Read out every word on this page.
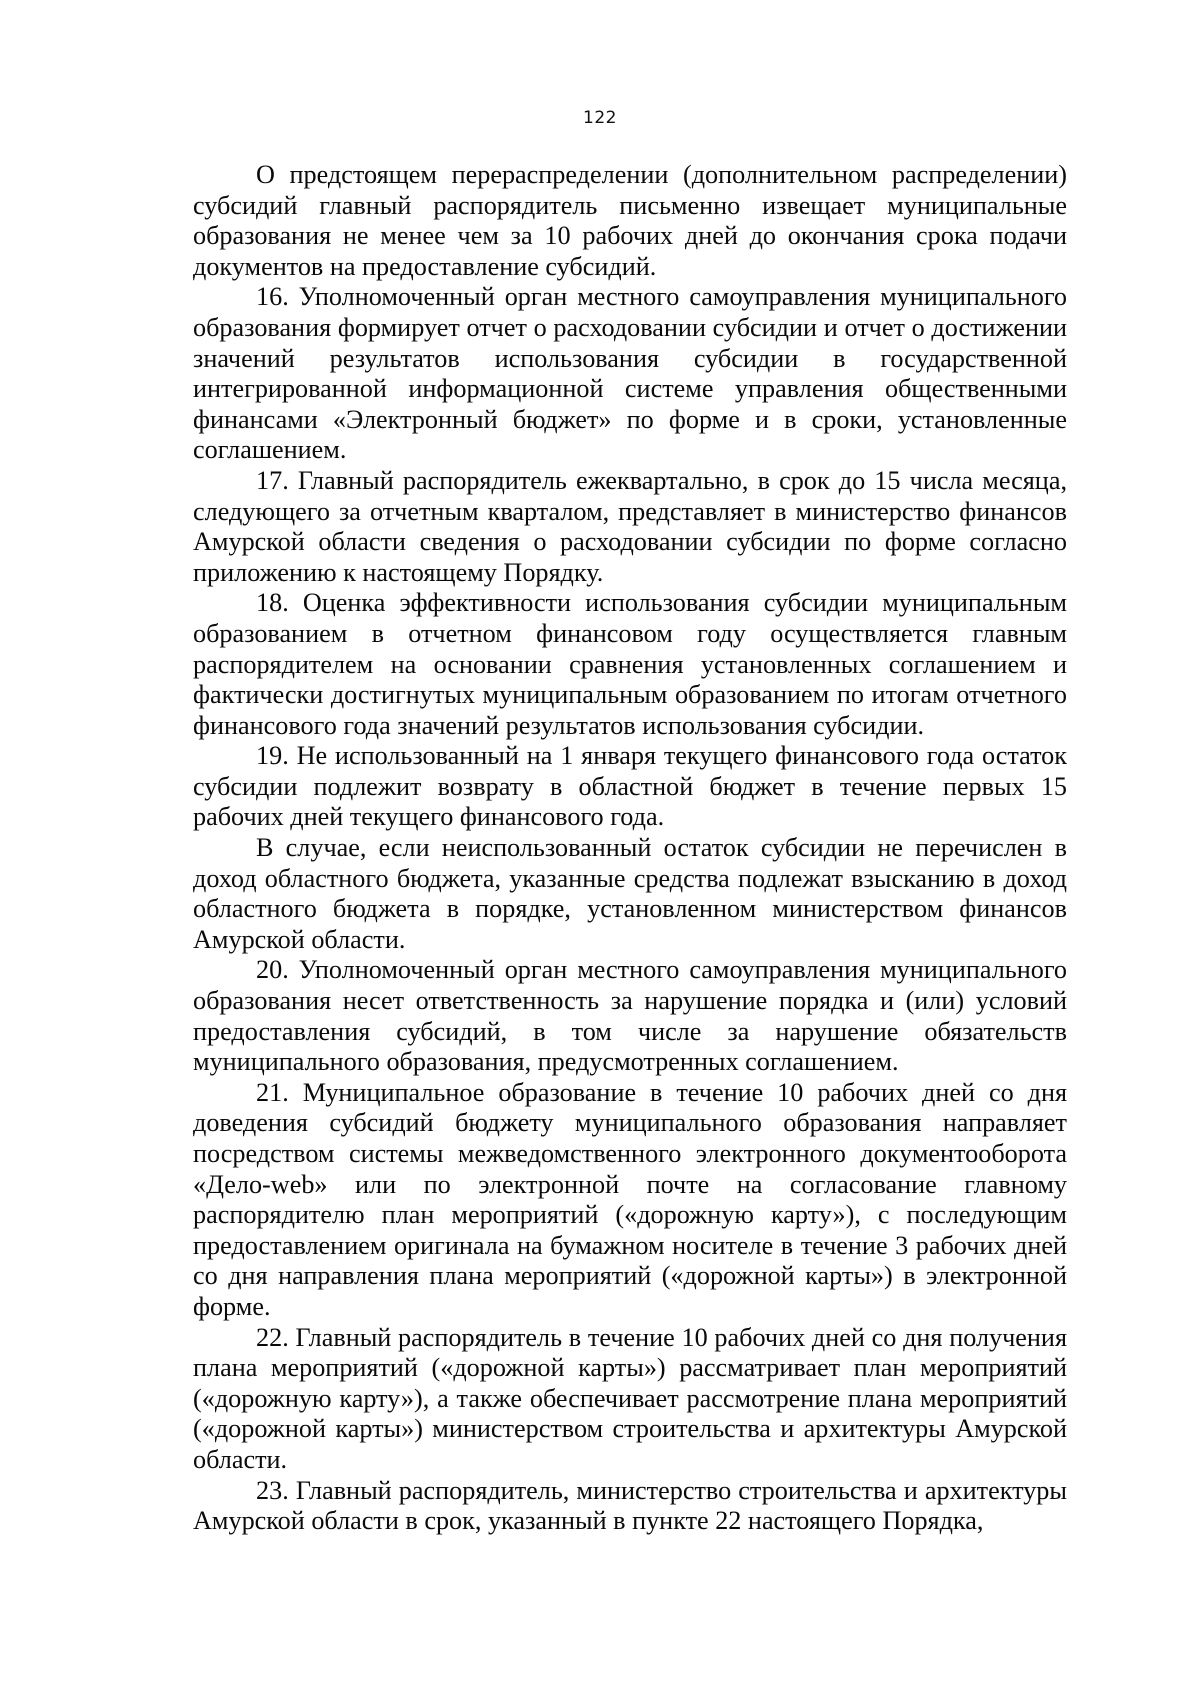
122

О предстоящем перераспределении (дополнительном распределении) субсидий главный распорядитель письменно извещает муниципальные образования не менее чем за 10 рабочих дней до окончания срока подачи документов на предоставление субсидий.

16. Уполномоченный орган местного самоуправления муниципального образования формирует отчет о расходовании субсидии и отчет о достижении значений результатов использования субсидии в государственной интегрированной информационной системе управления общественными финансами «Электронный бюджет» по форме и в сроки, установленные соглашением.

17. Главный распорядитель ежеквартально, в срок до 15 числа месяца, следующего за отчетным кварталом, представляет в министерство финансов Амурской области сведения о расходовании субсидии по форме согласно приложению к настоящему Порядку.

18. Оценка эффективности использования субсидии муниципальным образованием в отчетном финансовом году осуществляется главным распорядителем на основании сравнения установленных соглашением и фактически достигнутых муниципальным образованием по итогам отчетного финансового года значений результатов использования субсидии.

19. Не использованный на 1 января текущего финансового года остаток субсидии подлежит возврату в областной бюджет в течение первых 15 рабочих дней текущего финансового года.

В случае, если неиспользованный остаток субсидии не перечислен в доход областного бюджета, указанные средства подлежат взысканию в доход областного бюджета в порядке, установленном министерством финансов Амурской области.

20. Уполномоченный орган местного самоуправления муниципального образования несет ответственность за нарушение порядка и (или) условий предоставления субсидий, в том числе за нарушение обязательств муниципального образования, предусмотренных соглашением.

21. Муниципальное образование в течение 10 рабочих дней со дня доведения субсидий бюджету муниципального образования направляет посредством системы межведомственного электронного документооборота «Дело-web» или по электронной почте на согласование главному распорядителю план мероприятий («дорожную карту»), с последующим предоставлением оригинала на бумажном носителе в течение 3 рабочих дней со дня направления плана мероприятий («дорожной карты») в электронной форме.

22. Главный распорядитель в течение 10 рабочих дней со дня получения плана мероприятий («дорожной карты») рассматривает план мероприятий («дорожную карту»), а также обеспечивает рассмотрение плана мероприятий («дорожной карты») министерством строительства и архитектуры Амурской области.

23. Главный распорядитель, министерство строительства и архитектуры Амурской области в срок, указанный в пункте 22 настоящего Порядка,
